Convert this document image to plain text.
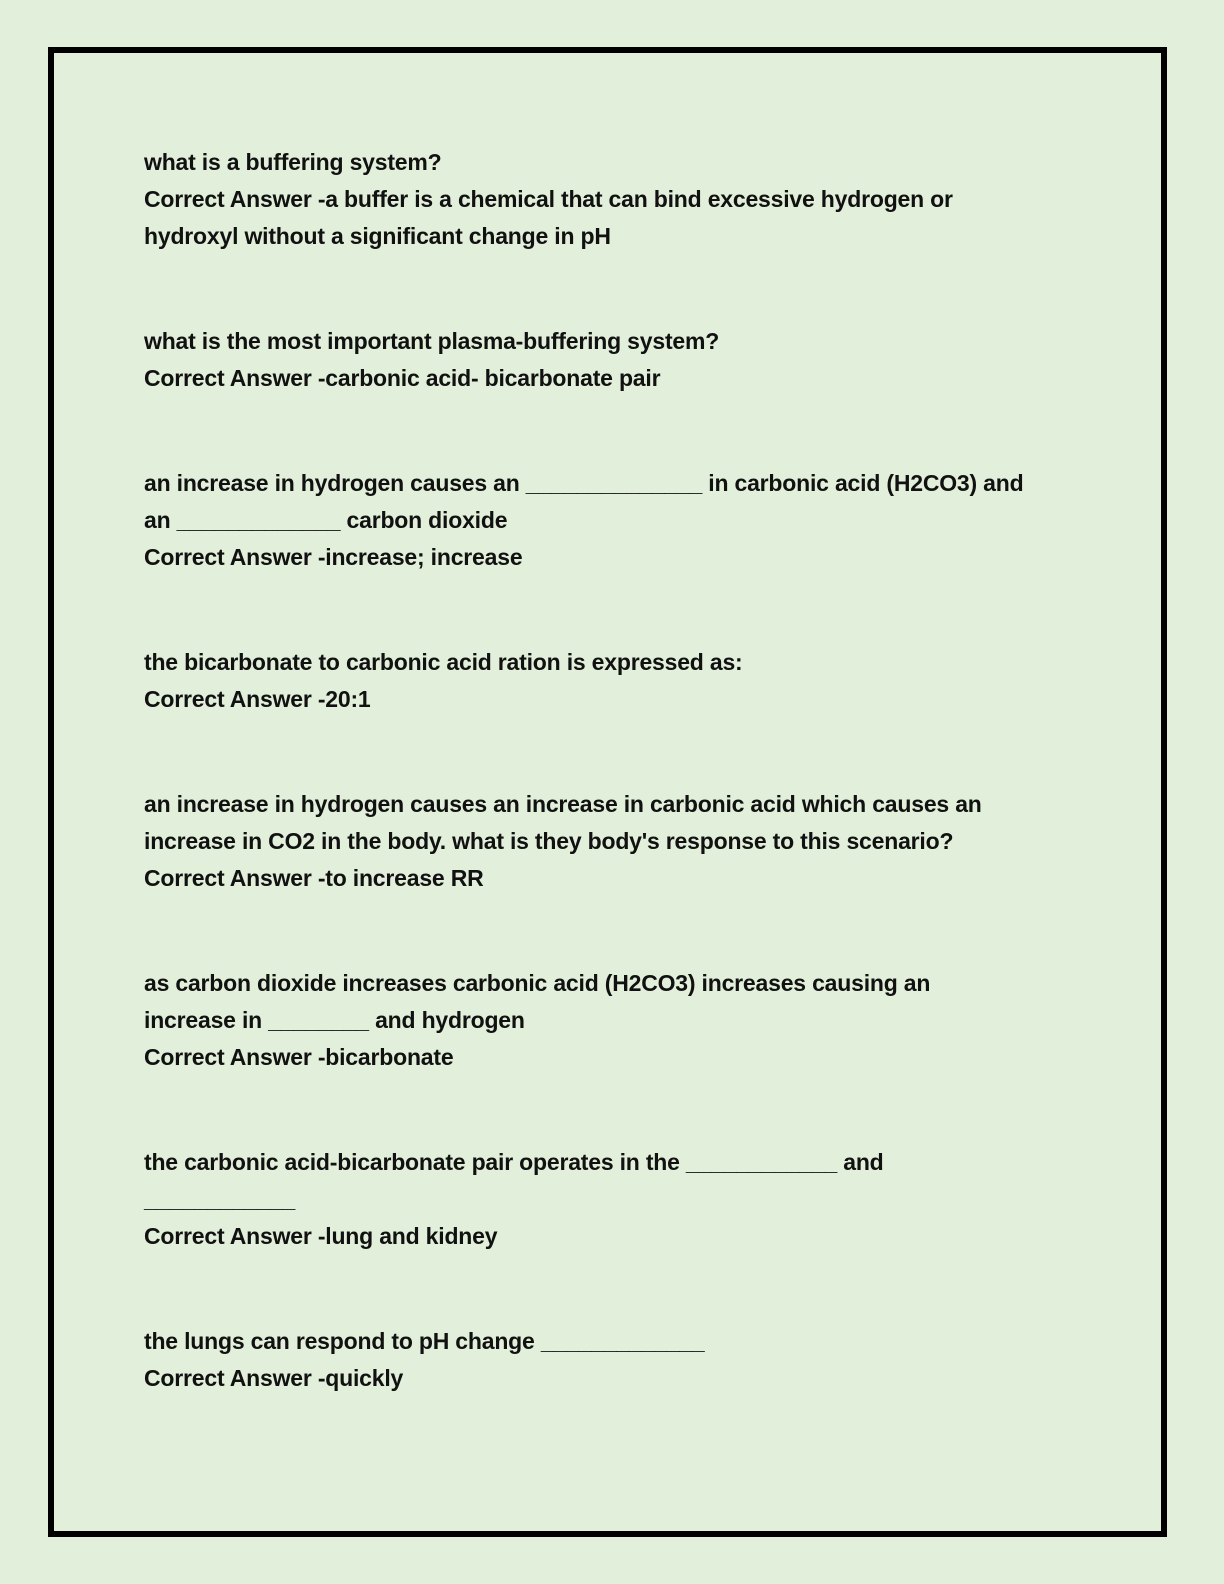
what is a buffering system?
Correct Answer -a buffer is a chemical that can bind excessive hydrogen or
hydroxyl without a significant change in pH
what is the most important plasma-buffering system?
Correct Answer -carbonic acid- bicarbonate pair
an increase in hydrogen causes an ______________ in carbonic acid (H2CO3) and
an _____________ carbon dioxide
Correct Answer -increase; increase
the bicarbonate to carbonic acid ration is expressed as:
Correct Answer -20:1
an increase in hydrogen causes an increase in carbonic acid which causes an
increase in CO2 in the body. what is they body's response to this scenario?
Correct Answer -to increase RR
as carbon dioxide increases carbonic acid (H2CO3) increases causing an
increase in ________ and hydrogen
Correct Answer -bicarbonate
the carbonic acid-bicarbonate pair operates in the ____________ and
____________
Correct Answer -lung and kidney
the lungs can respond to pH change _____________
Correct Answer -quickly
